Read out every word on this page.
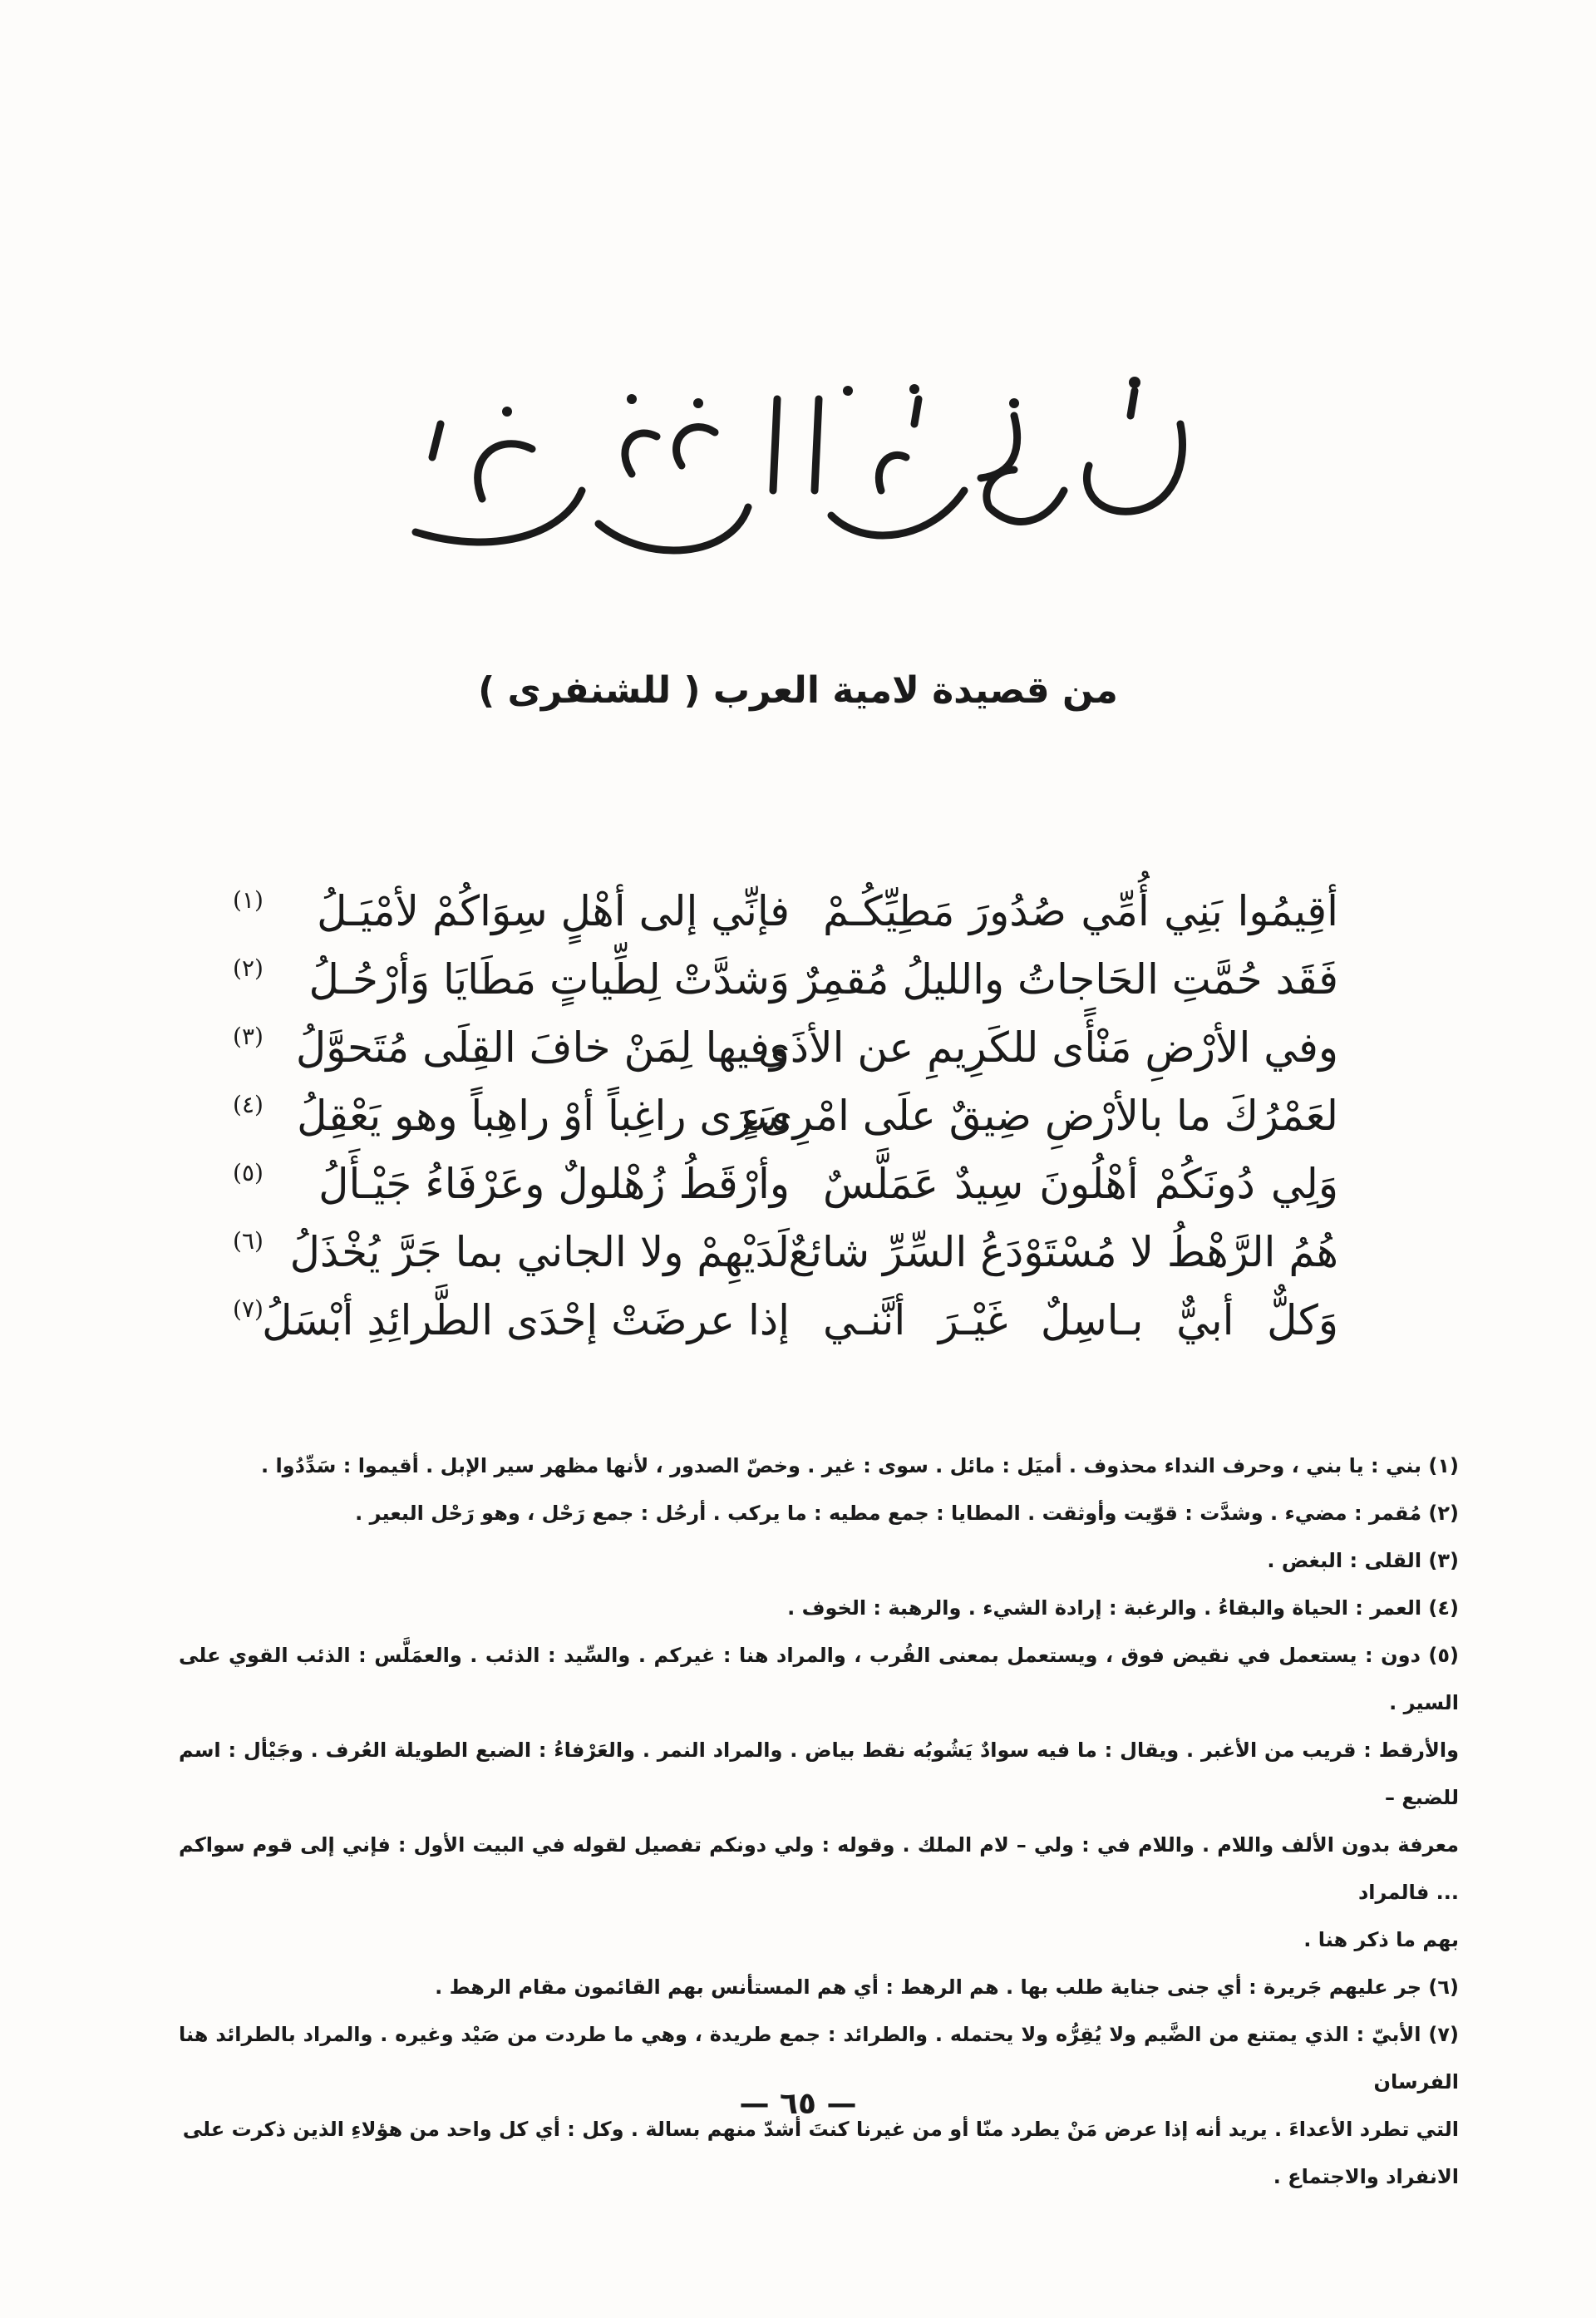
من قصيدة لامية العرب ( للشنفرى )
أقِيمُوا بَنِي أُمِّي صُدُورَ مَطِيِّكُـمْ
فإنِّي إلى أهْلٍ سِوَاكُمْ لأمْيَـلُ
(١)
فَقَد حُمَّتِ الحَاجاتُ والليلُ مُقمِرٌ
وَشدَّتْ لِطِّياتٍ مَطَايَا وَأرْحُـلُ
(٢)
وفي الأرْضِ مَنْأًى للكَرِيمِ عن الأذَى
وفيها لِمَنْ خافَ القِلَى مُتَحوَّلُ
(٣)
لعَمْرُكَ ما بالأرْضِ ضِيقٌ علَى امْرِىءٍ
سَرَى راغِباً أوْ راهِباً وهو يَعْقِلُ
(٤)
وَلِي دُونَكُمْ أهْلُونَ سِيدٌ عَمَلَّسٌ
وأرْقَطُ زُهْلولٌ وعَرْفَاءُ جَيْـأَلُ
(٥)
هُمُ الرَّهْطُ لا مُسْتَوْدَعُ السِّرِّ شائعٌ
لَدَيْهِمْ ولا الجاني بما جَرَّ يُخْذَلُ
(٦)
وَكلٌّ أبيٌّ بـاسِلٌ غَيْـرَ أنَّنـي
إذا عرضَتْ إحْدَى الطَّرائِدِ أبْسَلُ
(٧)

(١) بني : يا بني ، وحرف النداء محذوف . أميَل : مائل . سوى : غير . وخصّ الصدور ، لأنها مظهر سير الإبل . أقيموا : سَدِّدُوا .

(٢) مُقمر : مضيء . وشدَّت : قوّيت وأوثقت . المطايا : جمع مطيه : ما يركب . أرحُل : جمع رَحْل ، وهو رَحْل البعير .

(٣) القلى : البغض .

(٤) العمر : الحياة والبقاءُ . والرغبة : إرادة الشيء . والرهبة : الخوف .

(٥) دون : يستعمل في نقيض فوق ، ويستعمل بمعنى القُرب ، والمراد هنا : غيركم . والسِّيد : الذئب . والعمَلَّس : الذئب القوي على السير .

والأرقط : قريب من الأغبر . ويقال : ما فيه سوادٌ يَشُوبُه نقط بياض . والمراد النمر . والعَرْفاءُ : الضبع الطويلة العُرف . وجَيْأل : اسم للضبع –

معرفة بدون الألف واللام . واللام في : ولي – لام الملك . وقوله : ولي دونكم تفصيل لقوله في البيت الأول : فإني إلى قوم سواكم ... فالمراد

بهم ما ذكر هنا .

(٦) جر عليهم جَريرة : أي جنى جناية طلب بها . هم الرهط : أي هم المستأنس بهم القائمون مقام الرهط .

(٧) الأبيّ : الذي يمتنع من الضَّيم ولا يُقِرُّه ولا يحتمله . والطرائد : جمع طريدة ، وهي ما طردت من صَيْد وغيره . والمراد بالطرائد هنا الفرسان

التي تطرد الأعداءَ . يريد أنه إذا عرض مَنْ يطرد منّا أو من غيرنا كنتَ أشدّ منهم بسالة . وكل : أي كل واحد من هؤلاءِ الذين ذكرت على

الانفراد والاجتماع .

— ٦٥ —
